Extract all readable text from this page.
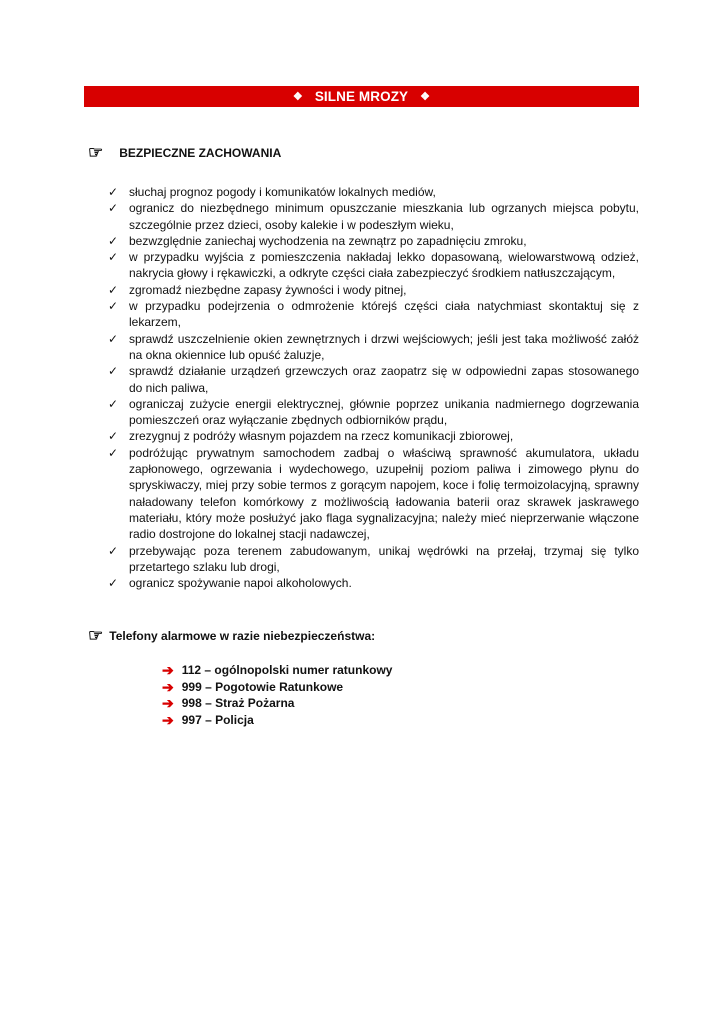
❖ SILNE MROZY ❖
☞ BEZPIECZNE ZACHOWANIA
✓ słuchaj prognoz pogody i komunikatów lokalnych mediów,
✓ ogranicz do niezbędnego minimum opuszczanie mieszkania lub ogrzanych miejsca pobytu, szczególnie przez dzieci, osoby kalekie i w podeszłym wieku,
✓ bezwzględnie zaniechaj wychodzenia na zewnątrz po zapadnięciu zmroku,
✓ w przypadku wyjścia z pomieszczenia nakładaj lekko dopasowaną, wielowarstwową odzież, nakrycia głowy i rękawiczki, a odkryte części ciała zabezpieczyć środkiem natłuszczającym,
✓ zgromadź niezbędne zapasy żywności i wody pitnej,
✓ w przypadku podejrzenia o odmrożenie którejś części ciała natychmiast skontaktuj się z lekarzem,
✓ sprawdź uszczelnienie okien zewnętrznych i drzwi wejściowych; jeśli jest taka możliwość załóż na okna okiennice lub opuść żaluzje,
✓ sprawdź działanie urządzeń grzewczych oraz zaopatrz się w odpowiedni zapas stosowanego do nich paliwa,
✓ ograniczaj zużycie energii elektrycznej, głównie poprzez unikania nadmiernego dogrzewania pomieszczeń oraz wyłączanie zbędnych odbiorników prądu,
✓ zrezygnuj z podróży własnym pojazdem na rzecz komunikacji zbiorowej,
✓ podróżując prywatnym samochodem zadbaj o właściwą sprawność akumulatora, układu zapłonowego, ogrzewania i wydechowego, uzupełnij poziom paliwa i zimowego płynu do spryskiwaczy, miej przy sobie termos z gorącym napojem, koce i folię termoizolacyjną, sprawny naładowany telefon komórkowy z możliwością ładowania baterii oraz skrawek jaskrawego materiału, który może posłużyć jako flaga sygnalizacyjna; należy mieć nieprzerwanie włączone radio dostrojone do lokalnej stacji nadawczej,
✓ przebywając poza terenem zabudowanym, unikaj wędrówki na przełaj, trzymaj się tylko przetartego szlaku lub drogi,
✓ ogranicz spożywanie napoi alkoholowych.
☞ Telefony alarmowe w razie niebezpieczeństwa:
➔ 112 – ogólnopolski numer ratunkowy
➔ 999 – Pogotowie Ratunkowe
➔ 998 – Straż Pożarna
➔ 997 – Policja
